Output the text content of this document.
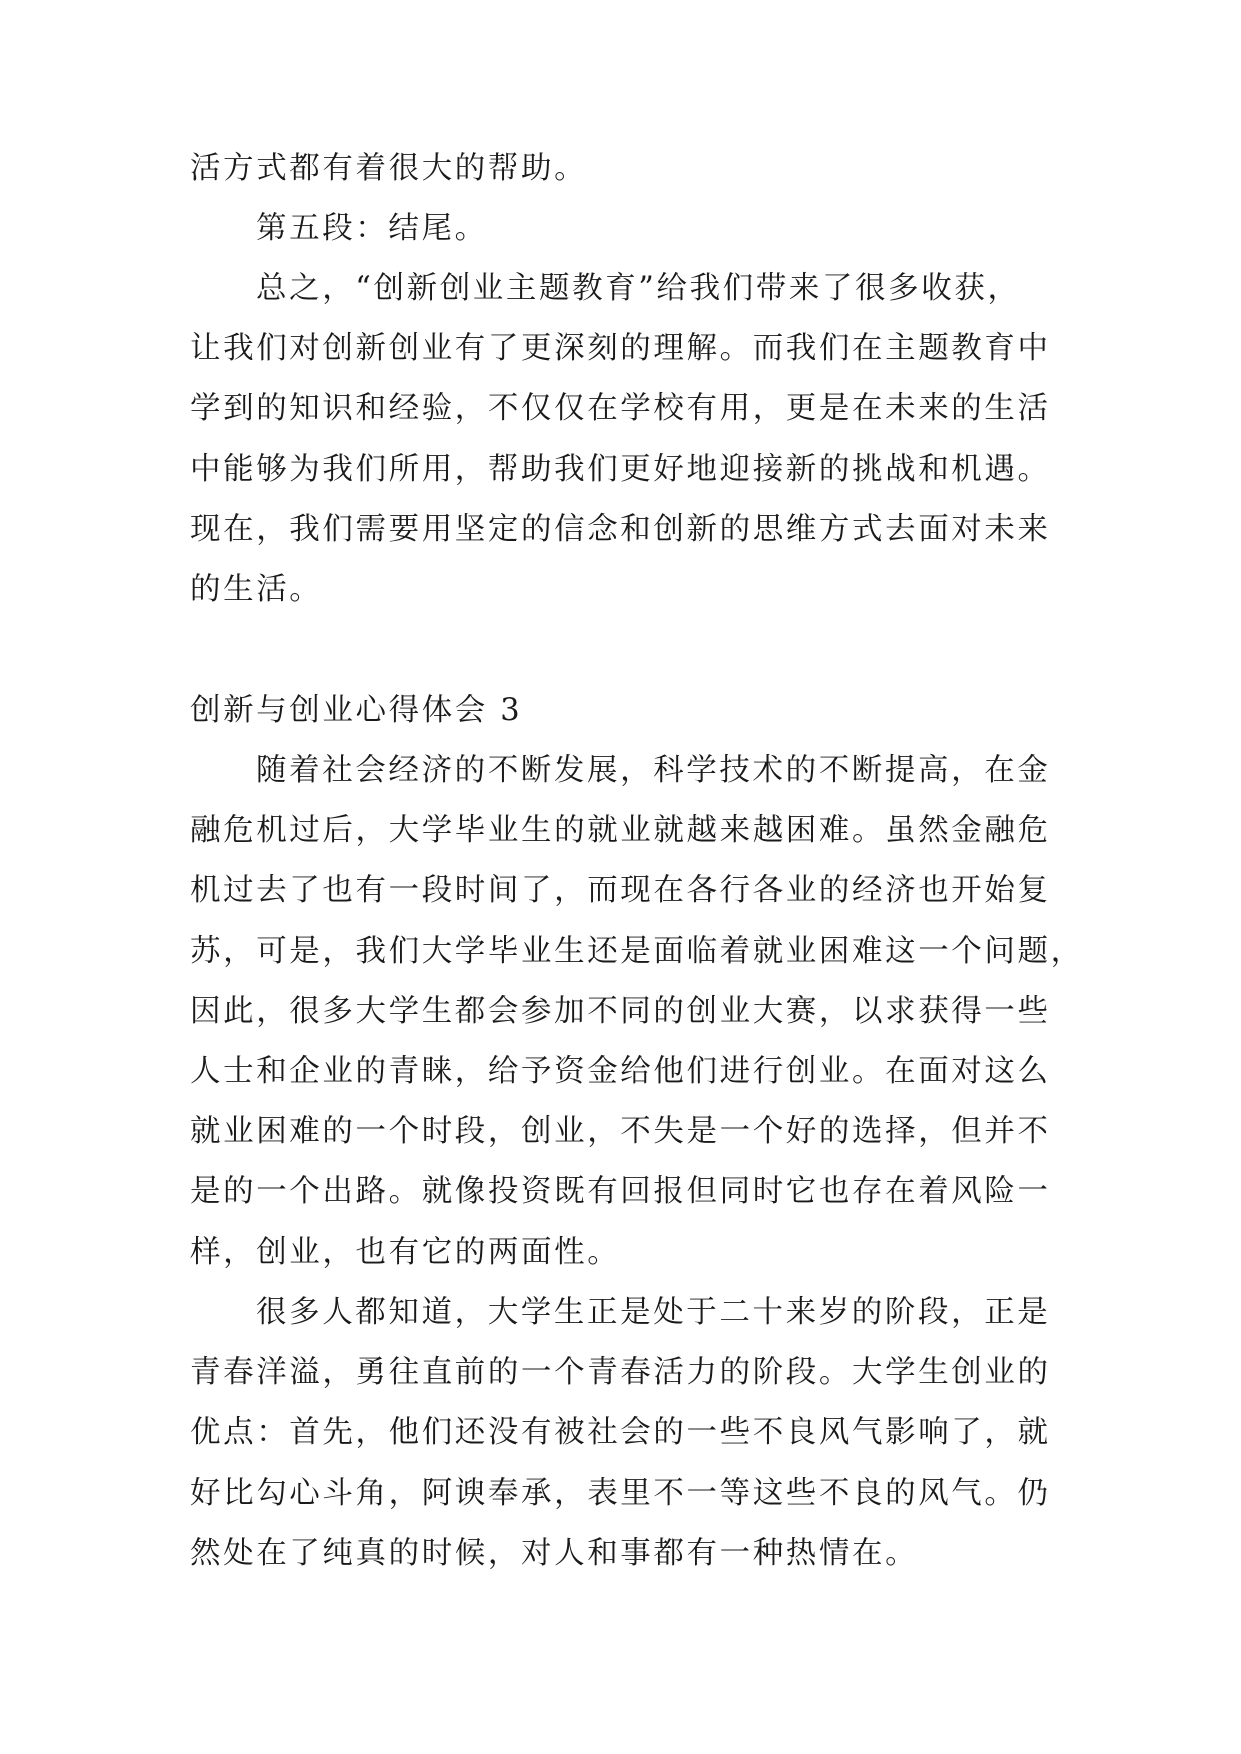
活方式都有着很大的帮助。

第五段：结尾。

总之，“创新创业主题教育”给我们带来了很多收获，
让我们对创新创业有了更深刻的理解。而我们在主题教育中
学到的知识和经验，不仅仅在学校有用，更是在未来的生活
中能够为我们所用，帮助我们更好地迎接新的挑战和机遇。
现在，我们需要用坚定的信念和创新的思维方式去面对未来
的生活。

创新与创业心得体会 3

随着社会经济的不断发展，科学技术的不断提高，在金
融危机过后，大学毕业生的就业就越来越困难。虽然金融危
机过去了也有一段时间了，而现在各行各业的经济也开始复
苏，可是，我们大学毕业生还是面临着就业困难这一个问题，
因此，很多大学生都会参加不同的创业大赛，以求获得一些
人士和企业的青睐，给予资金给他们进行创业。在面对这么
就业困难的一个时段，创业，不失是一个好的选择，但并不
是的一个出路。就像投资既有回报但同时它也存在着风险一
样，创业，也有它的两面性。
很多人都知道，大学生正是处于二十来岁的阶段，正是
青春洋溢，勇往直前的一个青春活力的阶段。大学生创业的
优点：首先，他们还没有被社会的一些不良风气影响了，就
好比勾心斗角，阿谀奉承，表里不一等这些不良的风气。仍
然处在了纯真的时候，对人和事都有一种热情在。
